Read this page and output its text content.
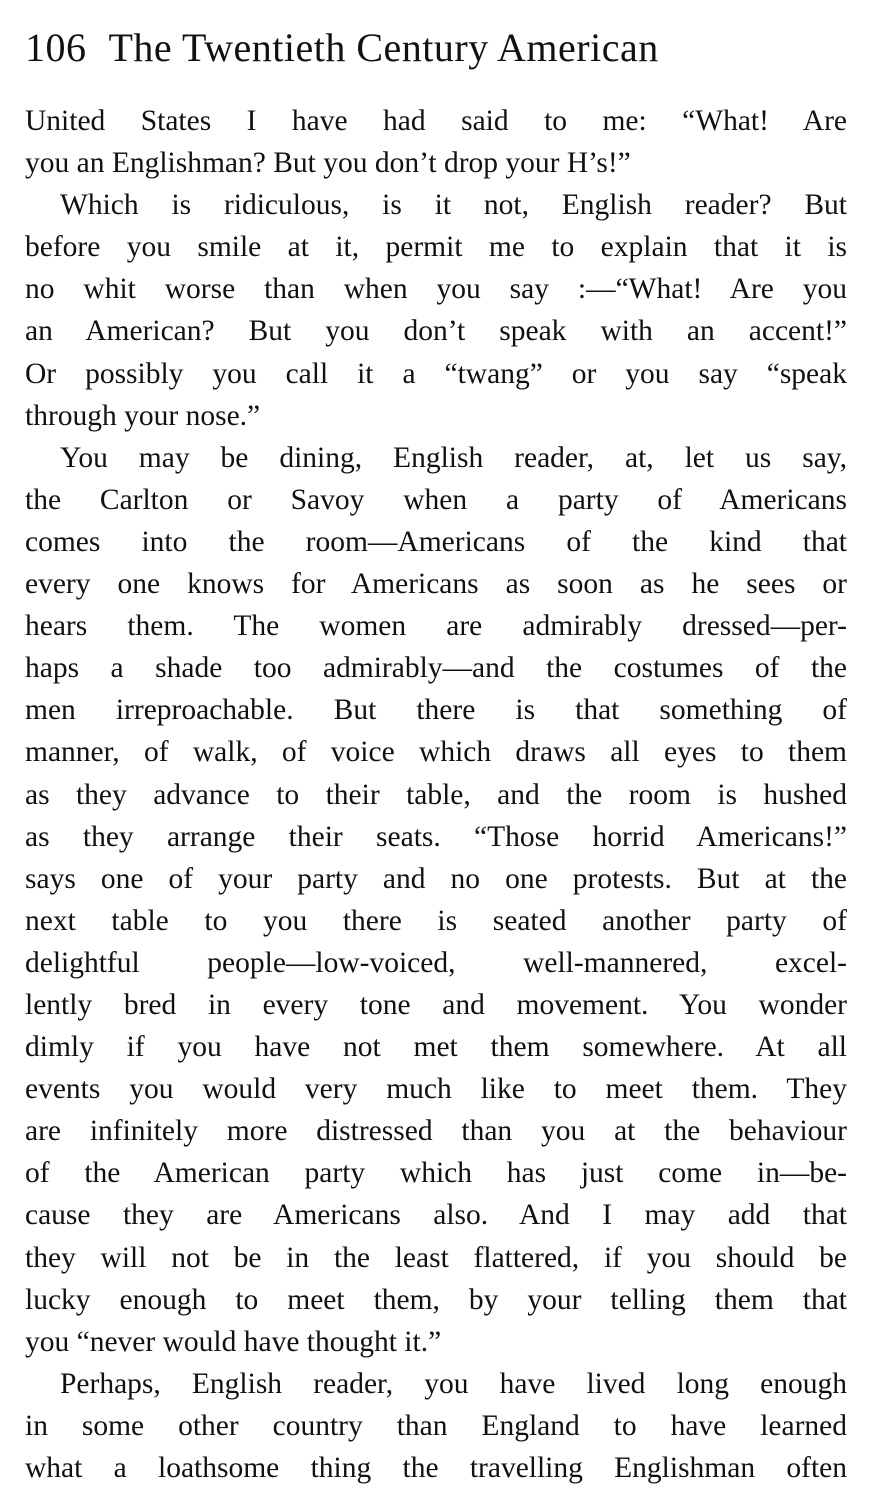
106 The Twentieth Century American
United States I have had said to me: “What! Are
you an Englishman? But you don’t drop your H’s!”
Which is ridiculous, is it not, English reader? But
before you smile at it, permit me to explain that it is
no whit worse than when you say :—“What! Are you
an American? But you don’t speak with an accent!”
Or possibly you call it a “twang” or you say “speak
through your nose.”
You may be dining, English reader, at, let us say,
the Carlton or Savoy when a party of Americans
comes into the room—Americans of the kind that
every one knows for Americans as soon as he sees or
hears them. The women are admirably dressed—per-
haps a shade too admirably—and the costumes of the
men irreproachable. But there is that something of
manner, of walk, of voice which draws all eyes to them
as they advance to their table, and the room is hushed
as they arrange their seats. “Those horrid Americans!”
says one of your party and no one protests. But at the
next table to you there is seated another party of
delightful people—low-voiced, well-mannered, excel-
lently bred in every tone and movement. You wonder
dimly if you have not met them somewhere. At all
events you would very much like to meet them. They
are infinitely more distressed than you at the behaviour
of the American party which has just come in—be-
cause they are Americans also. And I may add that
they will not be in the least flattered, if you should be
lucky enough to meet them, by your telling them that
you “never would have thought it.”
Perhaps, English reader, you have lived long enough
in some other country than England to have learned
what a loathsome thing the travelling Englishman often
